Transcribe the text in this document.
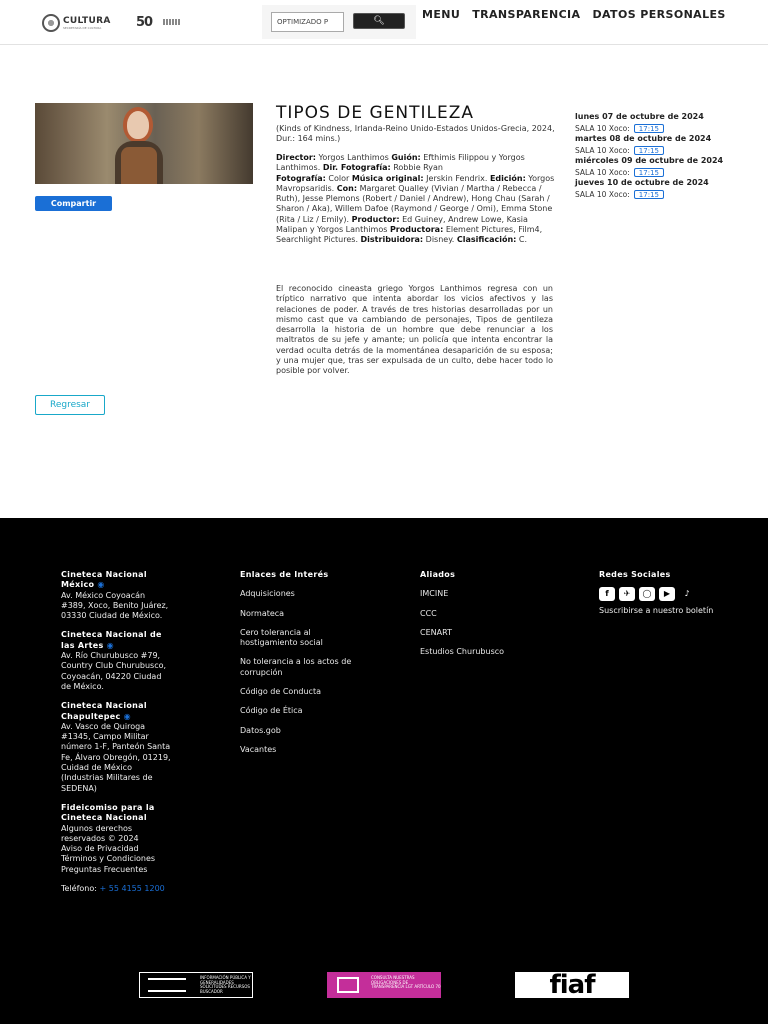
CULTURA
SECRETARÍA DE CULTURA	50
OPTIMIZADO P	🔍︎	MENU TRANSPARENCIA DATOS PERSONALES
Compartir
TIPOS DE GENTILEZA
(Kinds of Kindness, Irlanda-Reino Unido-Estados Unidos-Grecia, 2024, Dur.: 164 mins.)
Director: Yorgos Lanthimos Guión: Efthimis Filippou y Yorgos Lanthimos. Dir. Fotografía: Robbie Ryan
Fotografía: Color Música original: Jerskin Fendrix. Edición: Yorgos Mavropsaridis. Con: Margaret Qualley (Vivian / Martha / Rebecca / Ruth), Jesse Plemons (Robert / Daniel / Andrew), Hong Chau (Sarah / Sharon / Aka), Willem Dafoe (Raymond / George / Omi), Emma Stone (Rita / Liz / Emily). Productor: Ed Guiney, Andrew Lowe, Kasia Malipan y Yorgos Lanthimos Productora: Element Pictures, Film4, Searchlight Pictures. Distribuidora: Disney. Clasificación: C.
El reconocido cineasta griego Yorgos Lanthimos regresa con un tríptico narrativo que intenta abordar los vicios afectivos y las relaciones de poder. A través de tres historias desarrolladas por un mismo cast que va cambiando de personajes, Tipos de gentileza desarrolla la historia de un hombre que debe renunciar a los maltratos de su jefe y amante; un policía que intenta encontrar la verdad oculta detrás de la momentánea desaparición de su esposa; y una mujer que, tras ser expulsada de un culto, debe hacer todo lo posible por volver.
lunes 07 de octubre de 2024
SALA 10 Xoco:	17:15
martes 08 de octubre de 2024
SALA 10 Xoco:	17:15
miércoles 09 de octubre de 2024
SALA 10 Xoco:	17:15
jueves 10 de octubre de 2024
SALA 10 Xoco:	17:15
Regresar
Cineteca Nacional México ◉
Av. México Coyoacán #389, Xoco, Benito Juárez, 03330 Ciudad de México.
Cineteca Nacional de las Artes ◉
Av. Río Churubusco #79, Country Club Churubusco, Coyoacán, 04220 Ciudad de México.
Cineteca Nacional Chapultepec ◉
Av. Vasco de Quiroga #1345, Campo Militar número 1-F, Panteón Santa Fe, Álvaro Obregón, 01219, Cuidad de México (Industrias Militares de SEDENA)
Fideicomiso para la Cineteca Nacional
Algunos derechos reservados © 2024
Aviso de Privacidad
Términos y Condiciones
Preguntas Frecuentes
Teléfono: + 55 4155 1200
Enlaces de Interés
Adquisiciones
Normateca
Cero tolerancia al hostigamiento social
No tolerancia a los actos de corrupción
Código de Conducta
Código de Ética
Datos.gob
Vacantes
Aliados
IMCINE
CCC
CENART
Estudios Churubusco
Redes Sociales
f	✈	◯	▶	♪
Suscribirse a nuestro boletín
INFORMACIÓN PÚBLICA Y GENERALIDADES SOLICITUDES RECURSOS BUSCADOR
CONSULTA NUESTRAS OBLIGACIONES DE TRANSPARENCIA LGT ARTÍCULO 70	fiaf
